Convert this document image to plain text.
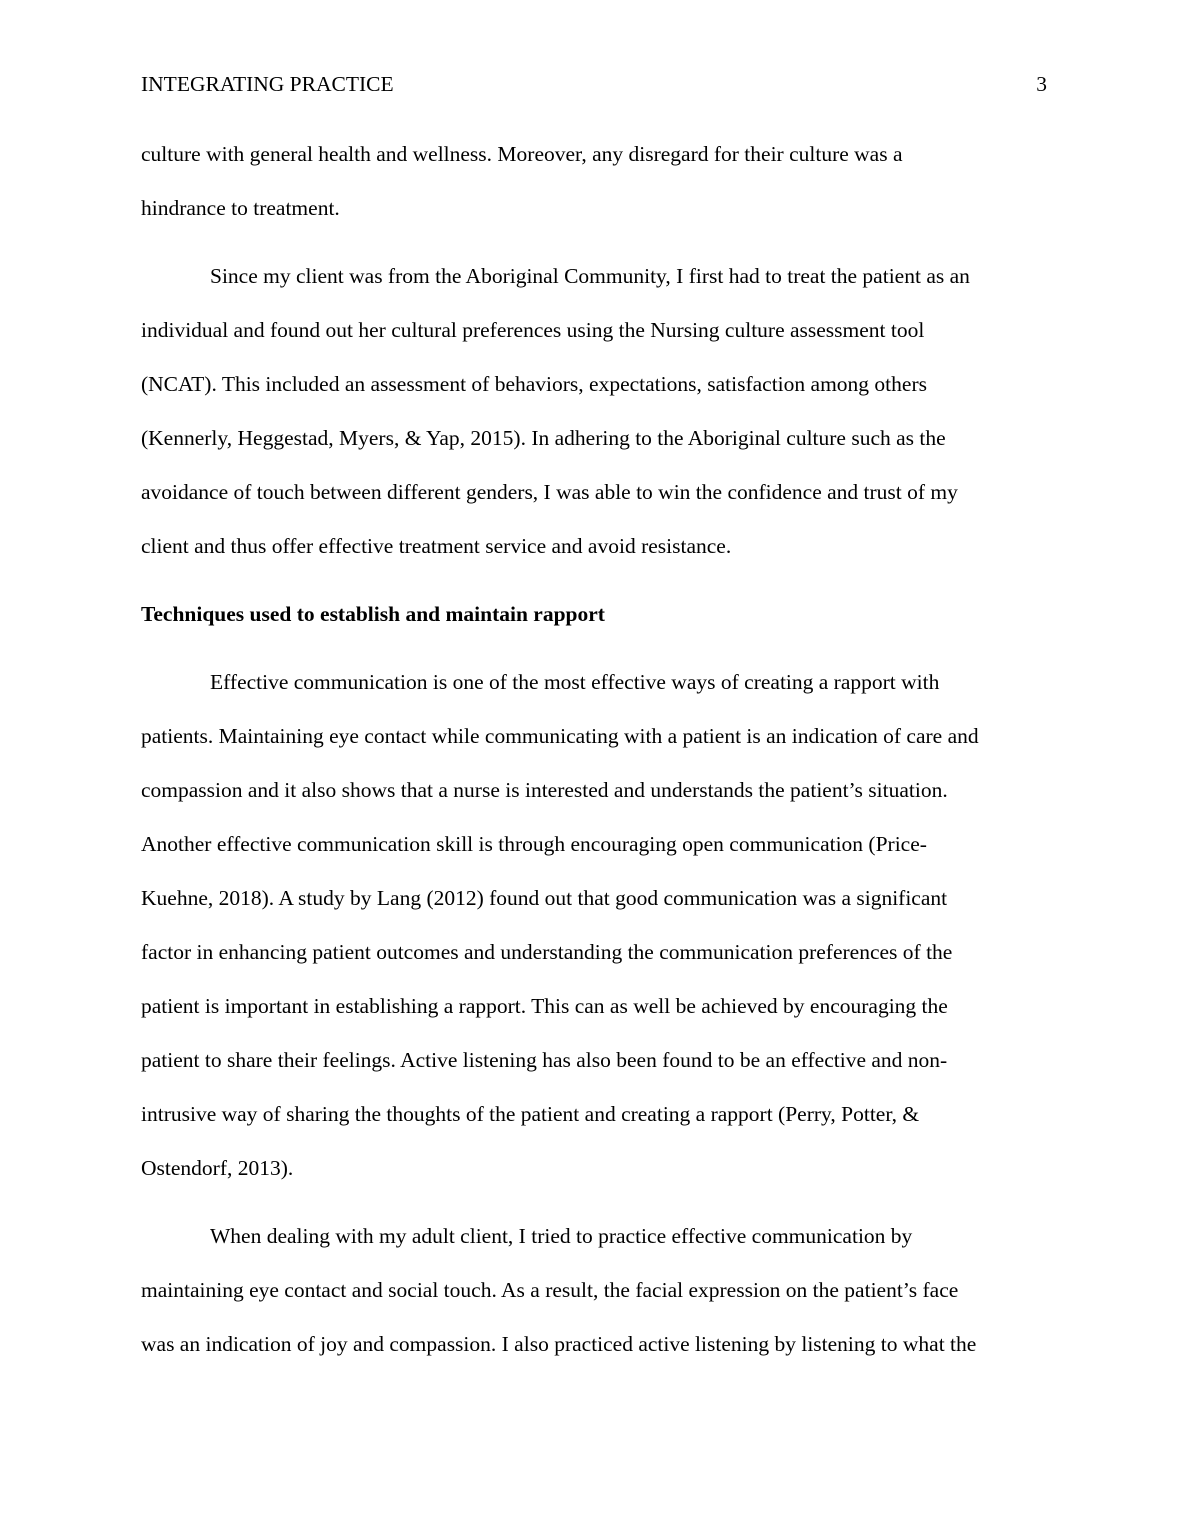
INTEGRATING PRACTICE	3
culture with general health and wellness. Moreover, any disregard for their culture was a
hindrance to treatment.
Since my client was from the Aboriginal Community, I first had to treat the patient as an
individual and found out her cultural preferences using the Nursing culture assessment tool
(NCAT). This included an assessment of behaviors, expectations, satisfaction among others
(Kennerly, Heggestad, Myers, & Yap, 2015). In adhering to the Aboriginal culture such as the
avoidance of touch between different genders, I was able to win the confidence and trust of my
client and thus offer effective treatment service and avoid resistance.
Techniques used to establish and maintain rapport
Effective communication is one of the most effective ways of creating a rapport with
patients. Maintaining eye contact while communicating with a patient is an indication of care and
compassion and it also shows that a nurse is interested and understands the patient’s situation.
Another effective communication skill is through encouraging open communication (Price-
Kuehne, 2018). A study by Lang (2012) found out that good communication was a significant
factor in enhancing patient outcomes and understanding the communication preferences of the
patient is important in establishing a rapport. This can as well be achieved by encouraging the
patient to share their feelings. Active listening has also been found to be an effective and non-
intrusive way of sharing the thoughts of the patient and creating a rapport (Perry, Potter, &
Ostendorf, 2013).
When dealing with my adult client, I tried to practice effective communication by
maintaining eye contact and social touch. As a result, the facial expression on the patient’s face
was an indication of joy and compassion. I also practiced active listening by listening to what the
